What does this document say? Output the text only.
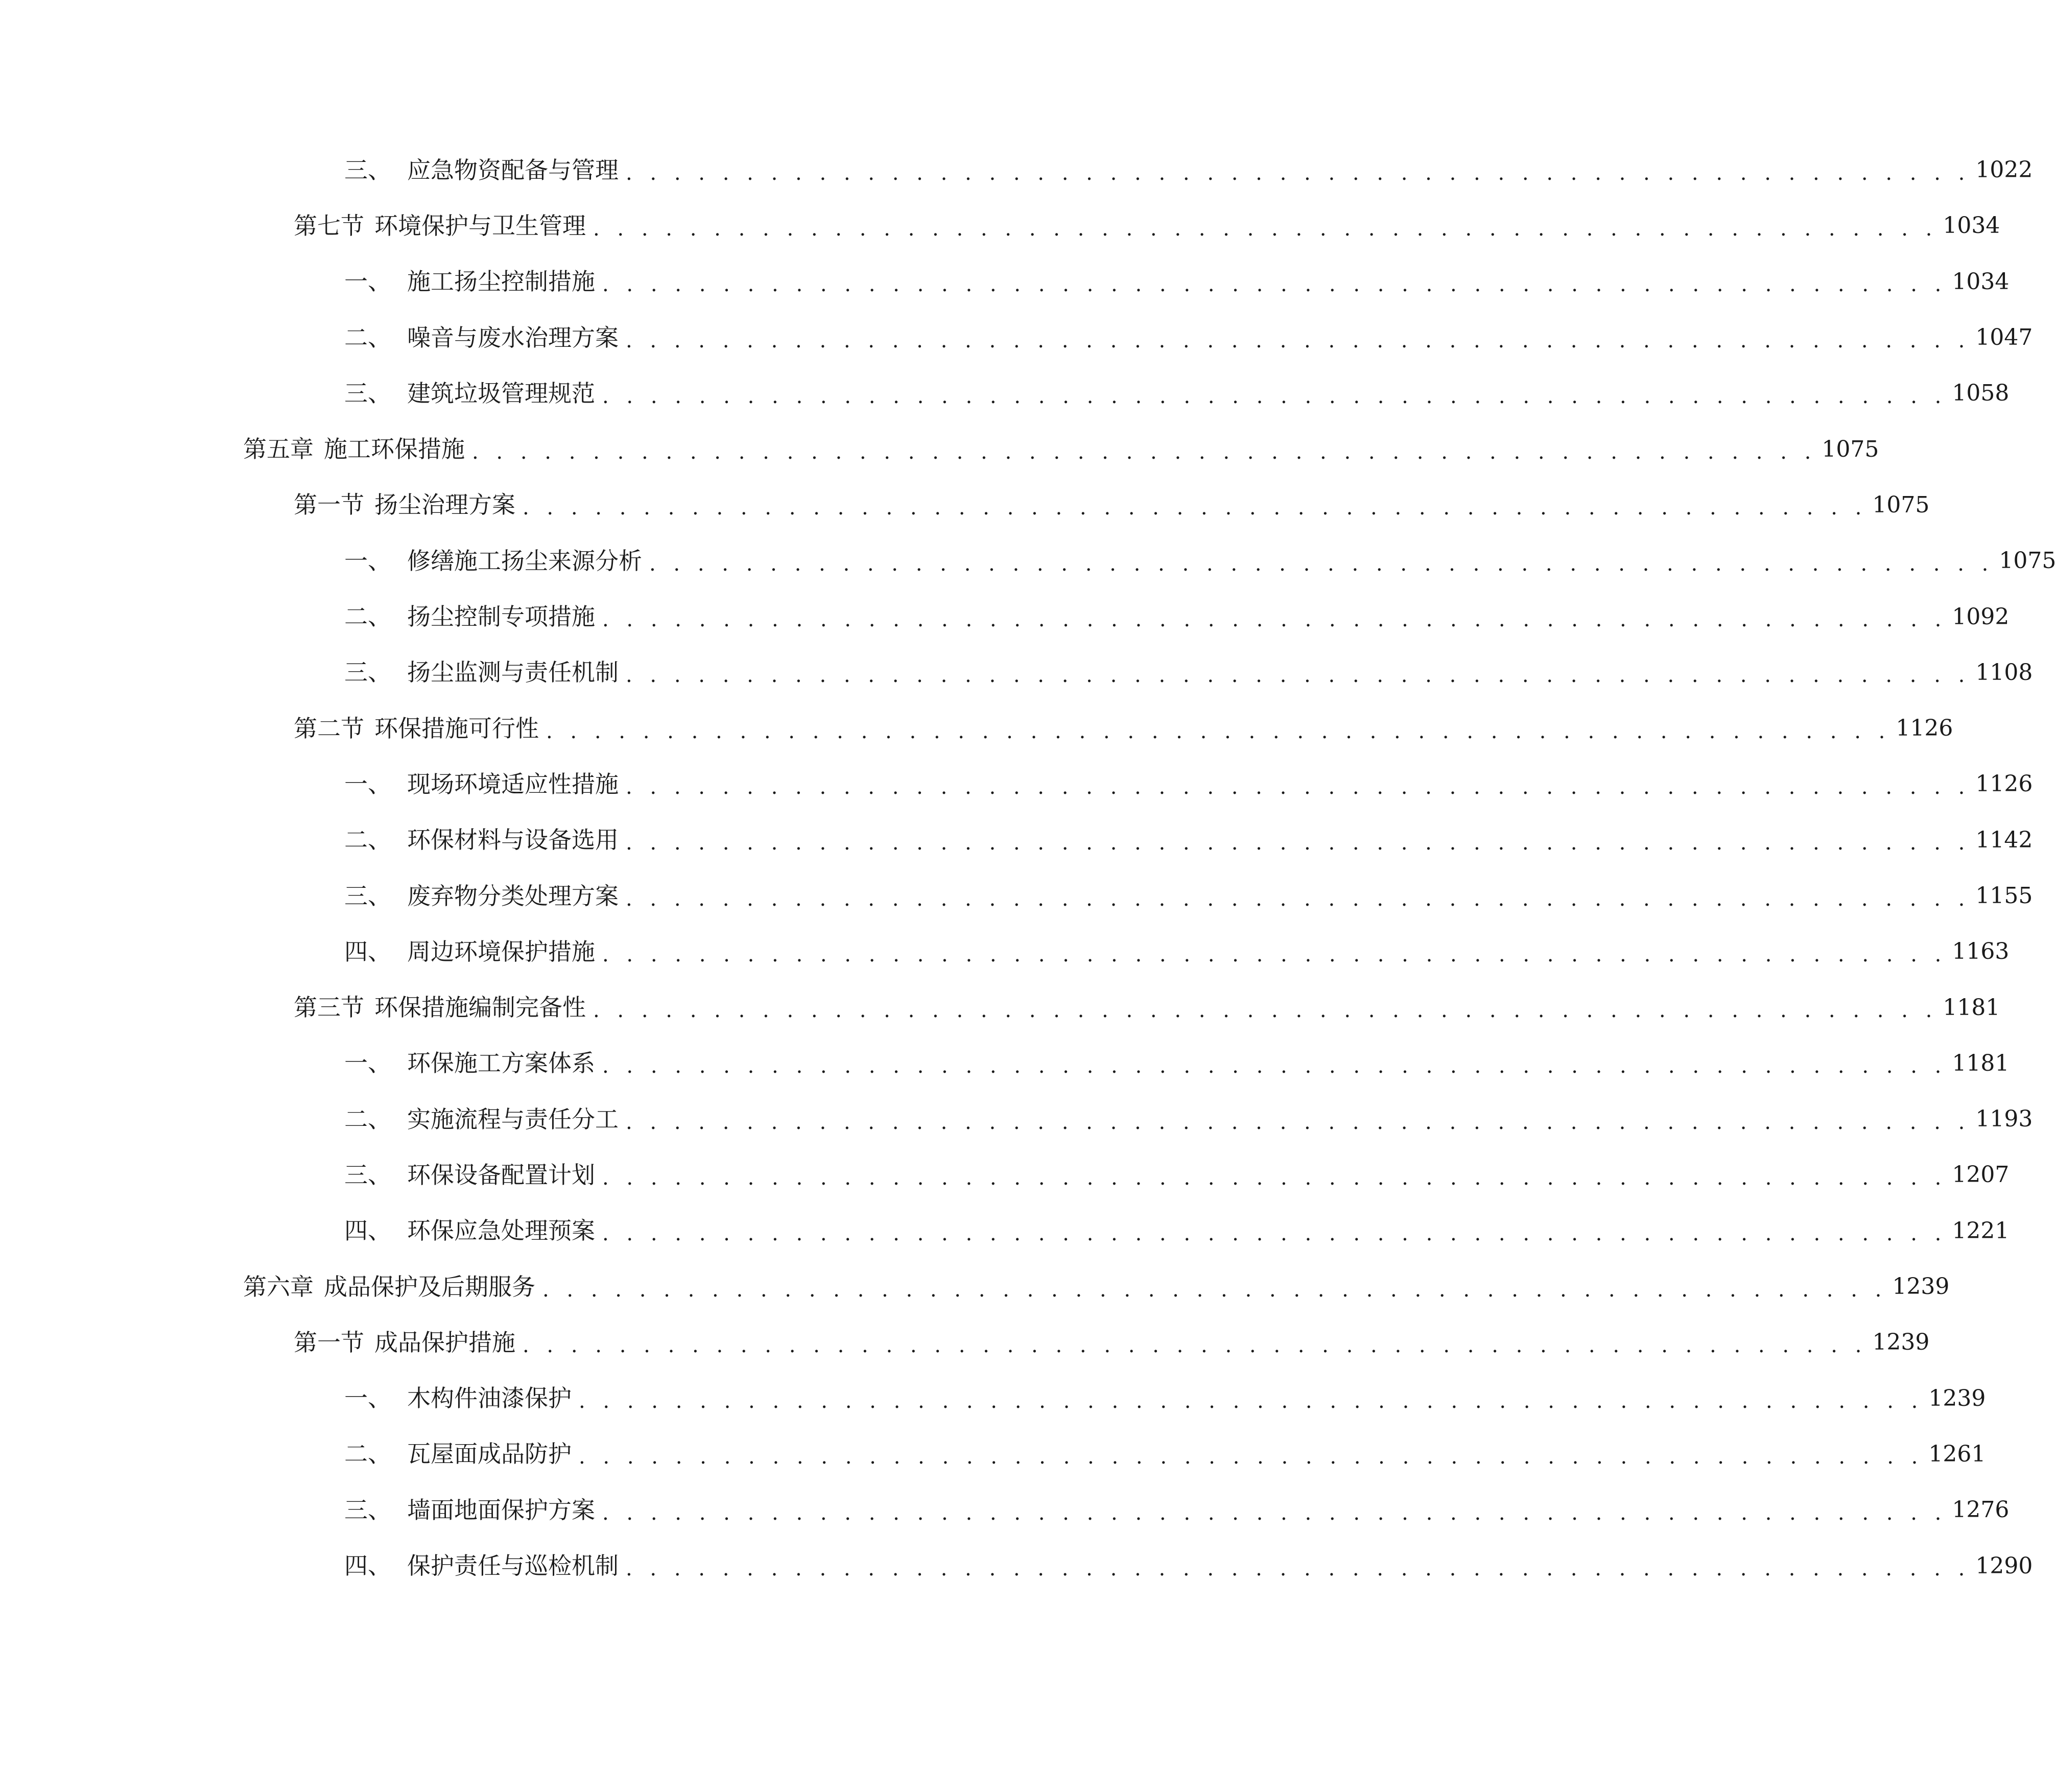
三、 应急物资配备与管理 . . . . . . . . . . . . . . . . . . . . . . . . . . . . . . . . . . . . . . . . . . . . . . . . . . . . . . . . 1022
第七节 环境保护与卫生管理 . . . . . . . . . . . . . . . . . . . . . . . . . . . . . . . . . . . . . . . . . . . . . . . . . . . . . . . . 1034
一、 施工扬尘控制措施 . . . . . . . . . . . . . . . . . . . . . . . . . . . . . . . . . . . . . . . . . . . . . . . . . . . . . . . . 1034
二、 噪音与废水治理方案 . . . . . . . . . . . . . . . . . . . . . . . . . . . . . . . . . . . . . . . . . . . . . . . . . . . . . . . . 1047
三、 建筑垃圾管理规范 . . . . . . . . . . . . . . . . . . . . . . . . . . . . . . . . . . . . . . . . . . . . . . . . . . . . . . . . 1058
第五章 施工环保措施 . . . . . . . . . . . . . . . . . . . . . . . . . . . . . . . . . . . . . . . . . . . . . . . . . . . . . . . . 1075
第一节 扬尘治理方案 . . . . . . . . . . . . . . . . . . . . . . . . . . . . . . . . . . . . . . . . . . . . . . . . . . . . . . . . 1075
一、 修缮施工扬尘来源分析 . . . . . . . . . . . . . . . . . . . . . . . . . . . . . . . . . . . . . . . . . . . . . . . . . . . . . . . . 1075
二、 扬尘控制专项措施 . . . . . . . . . . . . . . . . . . . . . . . . . . . . . . . . . . . . . . . . . . . . . . . . . . . . . . . . 1092
三、 扬尘监测与责任机制 . . . . . . . . . . . . . . . . . . . . . . . . . . . . . . . . . . . . . . . . . . . . . . . . . . . . . . . . 1108
第二节 环保措施可行性 . . . . . . . . . . . . . . . . . . . . . . . . . . . . . . . . . . . . . . . . . . . . . . . . . . . . . . . . 1126
一、 现场环境适应性措施 . . . . . . . . . . . . . . . . . . . . . . . . . . . . . . . . . . . . . . . . . . . . . . . . . . . . . . . . 1126
二、 环保材料与设备选用 . . . . . . . . . . . . . . . . . . . . . . . . . . . . . . . . . . . . . . . . . . . . . . . . . . . . . . . . 1142
三、 废弃物分类处理方案 . . . . . . . . . . . . . . . . . . . . . . . . . . . . . . . . . . . . . . . . . . . . . . . . . . . . . . . . 1155
四、 周边环境保护措施 . . . . . . . . . . . . . . . . . . . . . . . . . . . . . . . . . . . . . . . . . . . . . . . . . . . . . . . . 1163
第三节 环保措施编制完备性 . . . . . . . . . . . . . . . . . . . . . . . . . . . . . . . . . . . . . . . . . . . . . . . . . . . . . . . . 1181
一、 环保施工方案体系 . . . . . . . . . . . . . . . . . . . . . . . . . . . . . . . . . . . . . . . . . . . . . . . . . . . . . . . . 1181
二、 实施流程与责任分工 . . . . . . . . . . . . . . . . . . . . . . . . . . . . . . . . . . . . . . . . . . . . . . . . . . . . . . . . 1193
三、 环保设备配置计划 . . . . . . . . . . . . . . . . . . . . . . . . . . . . . . . . . . . . . . . . . . . . . . . . . . . . . . . . 1207
四、 环保应急处理预案 . . . . . . . . . . . . . . . . . . . . . . . . . . . . . . . . . . . . . . . . . . . . . . . . . . . . . . . . 1221
第六章 成品保护及后期服务 . . . . . . . . . . . . . . . . . . . . . . . . . . . . . . . . . . . . . . . . . . . . . . . . . . . . . . . . 1239
第一节 成品保护措施 . . . . . . . . . . . . . . . . . . . . . . . . . . . . . . . . . . . . . . . . . . . . . . . . . . . . . . . . 1239
一、 木构件油漆保护 . . . . . . . . . . . . . . . . . . . . . . . . . . . . . . . . . . . . . . . . . . . . . . . . . . . . . . . . 1239
二、 瓦屋面成品防护 . . . . . . . . . . . . . . . . . . . . . . . . . . . . . . . . . . . . . . . . . . . . . . . . . . . . . . . . 1261
三、 墙面地面保护方案 . . . . . . . . . . . . . . . . . . . . . . . . . . . . . . . . . . . . . . . . . . . . . . . . . . . . . . . . 1276
四、 保护责任与巡检机制 . . . . . . . . . . . . . . . . . . . . . . . . . . . . . . . . . . . . . . . . . . . . . . . . . . . . . . . . 1290
